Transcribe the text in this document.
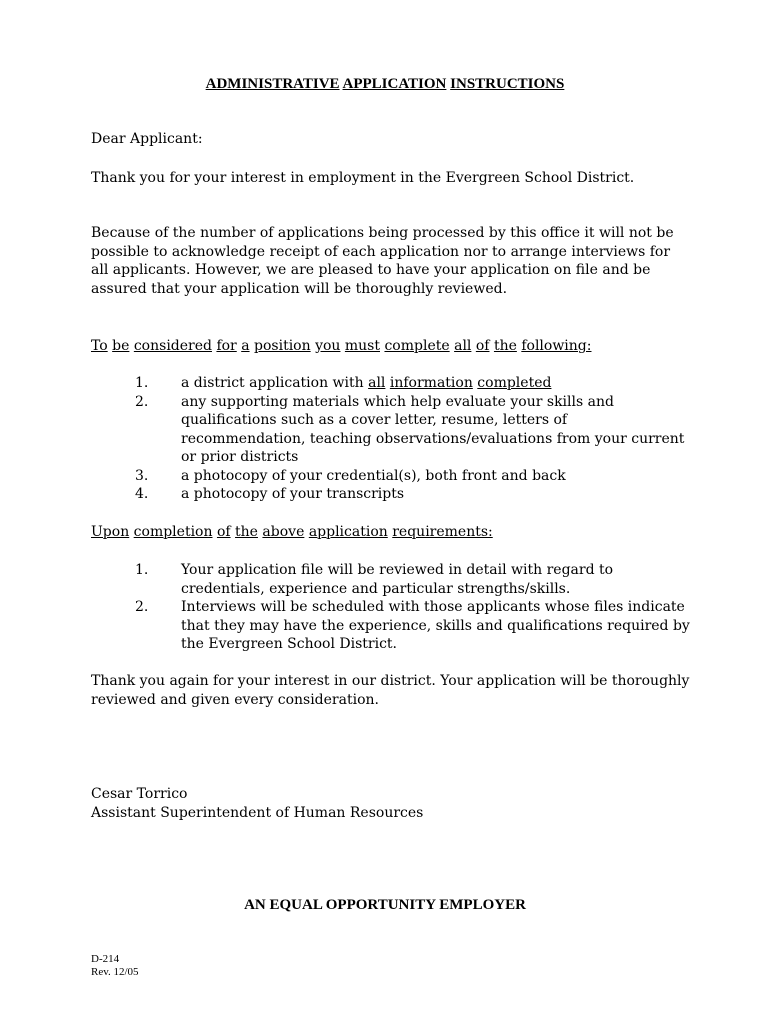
ADMINISTRATIVE APPLICATION INSTRUCTIONS

Dear Applicant:

Thank you for your interest in employment in the Evergreen School District.

Because of the number of applications being processed by this office it will not be possible to acknowledge receipt of each application nor to arrange interviews for all applicants. However, we are pleased to have your application on file and be assured that your application will be thoroughly reviewed.

To be considered for a position you must complete all of the following:

1.	a district application with all information completed
2.	any supporting materials which help evaluate your skills and qualifications such as a cover letter, resume, letters of recommendation, teaching observations/evaluations from your current or prior districts
3.	a photocopy of your credential(s), both front and back
4.	a photocopy of your transcripts

Upon completion of the above application requirements:

1.	Your application file will be reviewed in detail with regard to credentials, experience and particular strengths/skills.
2.	Interviews will be scheduled with those applicants whose files indicate that they may have the experience, skills and qualifications required by the Evergreen School District.

Thank you again for your interest in our district. Your application will be thoroughly reviewed and given every consideration.

Cesar Torrico
Assistant Superintendent of Human Resources
AN EQUAL OPPORTUNITY EMPLOYER
D-214
Rev. 12/05
